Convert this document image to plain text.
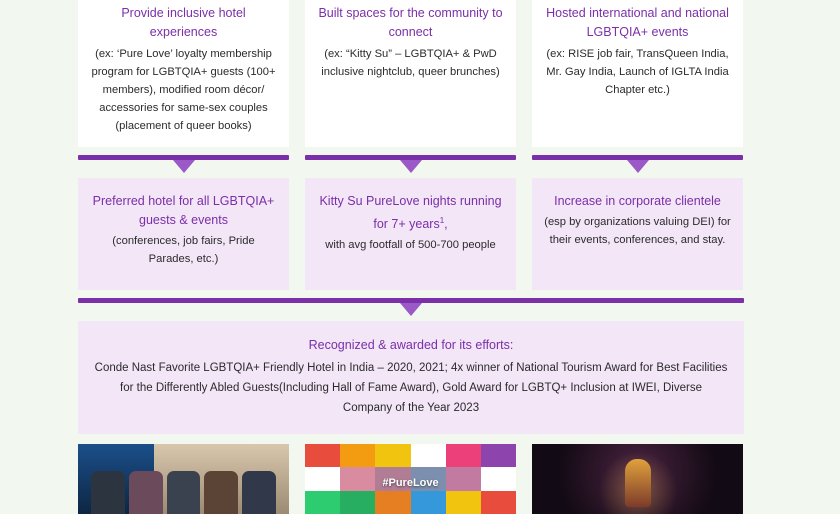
Provide inclusive hotel experiences
(ex: ‘Pure Love’ loyalty membership program for LGBTQIA+ guests (100+ members), modified room décor/ accessories for same-sex couples (placement of queer books)
Built spaces for the community to connect
(ex: “Kitty Su” – LGBTQIA+ & PwD inclusive nightclub, queer brunches)
Hosted international and national LGBTQIA+ events
(ex: RISE job fair, TransQueen India, Mr. Gay India, Launch of IGLTA India Chapter etc.)
Preferred hotel for all LGBTQIA+ guests & events
(conferences, job fairs, Pride Parades, etc.)
Kitty Su PureLove nights running for 7+ years$^1$,
with avg footfall of 500-700 people
Increase in corporate clientele
(esp by organizations valuing DEI) for their events, conferences, and stay.
Recognized & awarded for its efforts:
Conde Nast Favorite LGBTQIA+ Friendly Hotel in India – 2020, 2021; 4x winner of National Tourism Award for Best Facilities for the Differently Abled Guests(Including Hall of Fame Award), Gold Award for LGBTQ+ Inclusion at IWEI, Diverse Company of the Year 2023
#PureLove
